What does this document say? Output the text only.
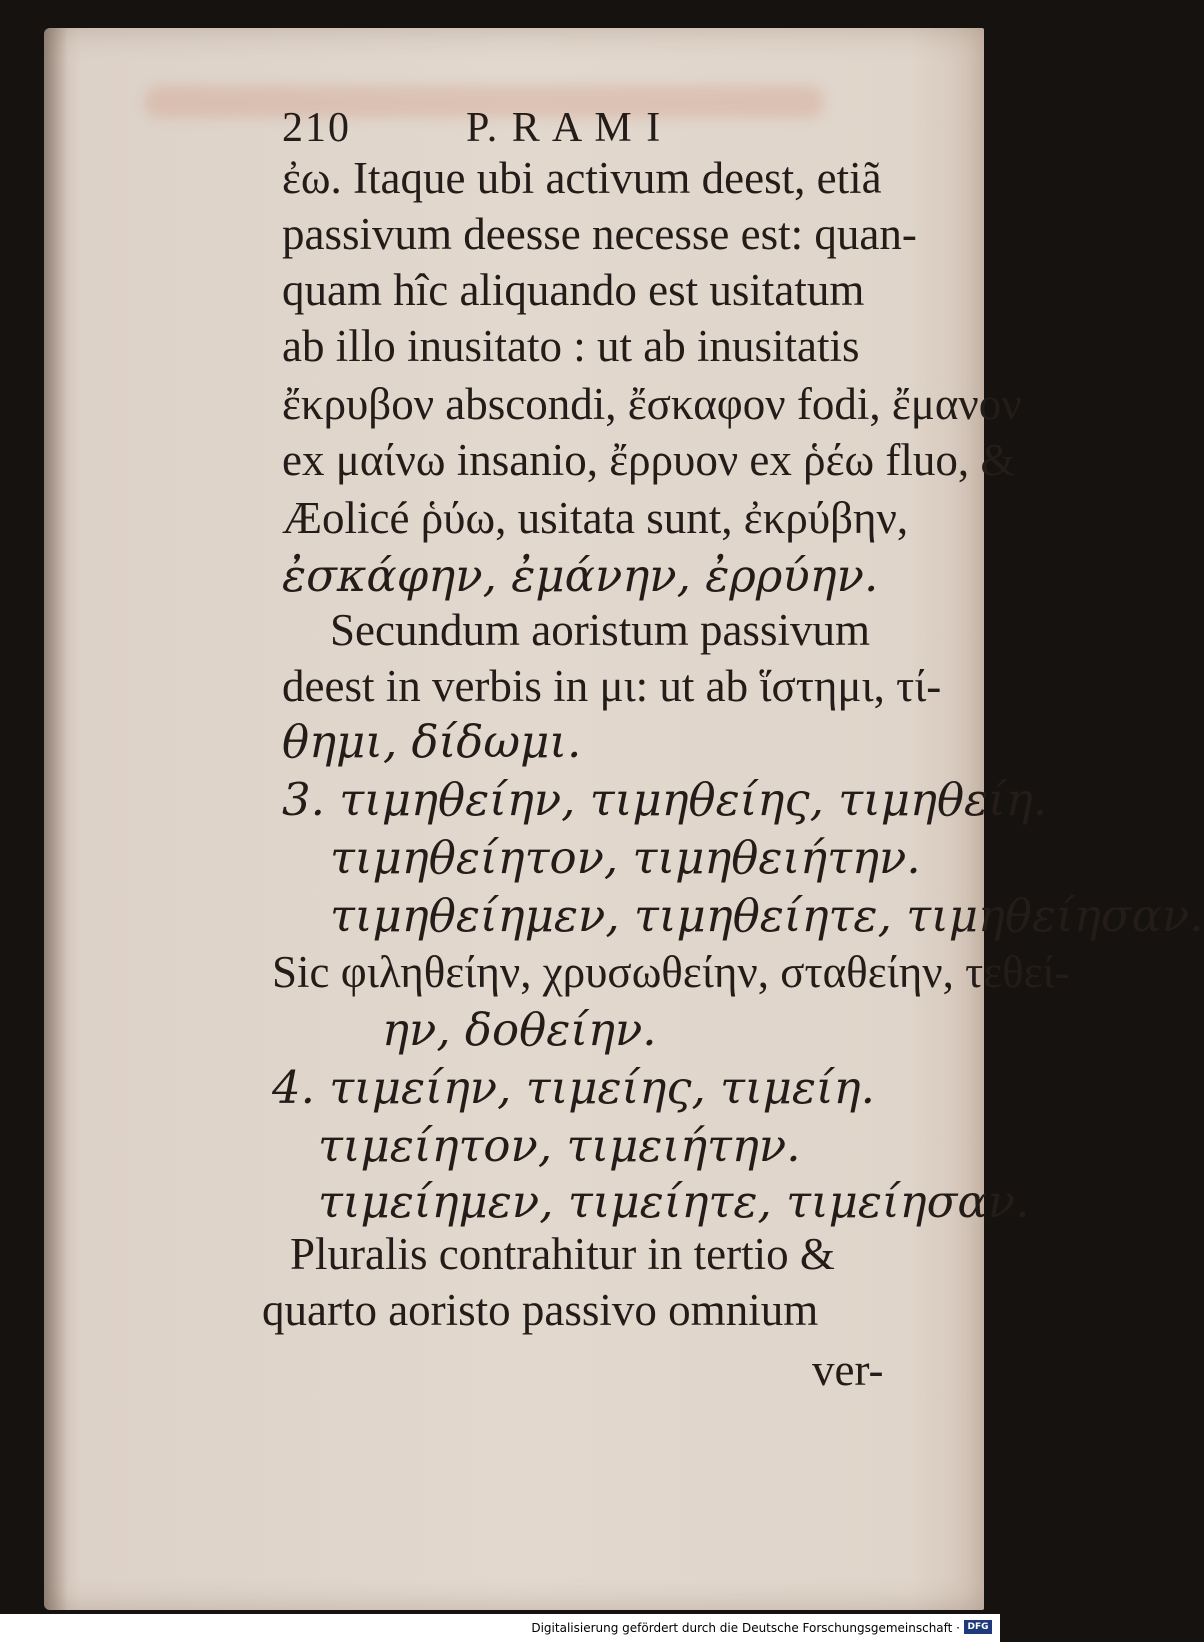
210	P. R A M I

ἐω. Itaque ubi activum deest, etiã

passivum deesse necesse est: quan-

quam hîc aliquando est usitatum

ab illo inusitato : ut ab inusitatis

ἔκρυβον abscondi, ἔσκαφον fodi, ἔμανον

ex μαίνω insanio, ἔρρυον ex ῥέω fluo, &

Æolicé ῥύω, usitata sunt, ἐκρύβην,

ἐσκάφην, ἐμάνην, ἐρρύην.

Secundum aoristum passivum

deest in verbis in μι: ut ab ἵστημι, τί-

θημι, δίδωμι.

3. τιμηθείην, τιμηθείης, τιμηθείη.

τιμηθείητον, τιμηθειήτην.

τιμηθείημεν, τιμηθείητε, τιμηθείησαν.

Sic φιληθείην, χρυσωθείην, σταθείην, τεθεί-

ην, δοθείην.

4. τιμείην, τιμείης, τιμείη.

τιμείητον, τιμειήτην.

τιμείημεν, τιμείητε, τιμείησαν.

Pluralis contrahitur in tertio &

quarto aoristo passivo omnium

ver-

Digitalisierung gefördert durch die Deutsche Forschungsgemeinschaft · DFG
